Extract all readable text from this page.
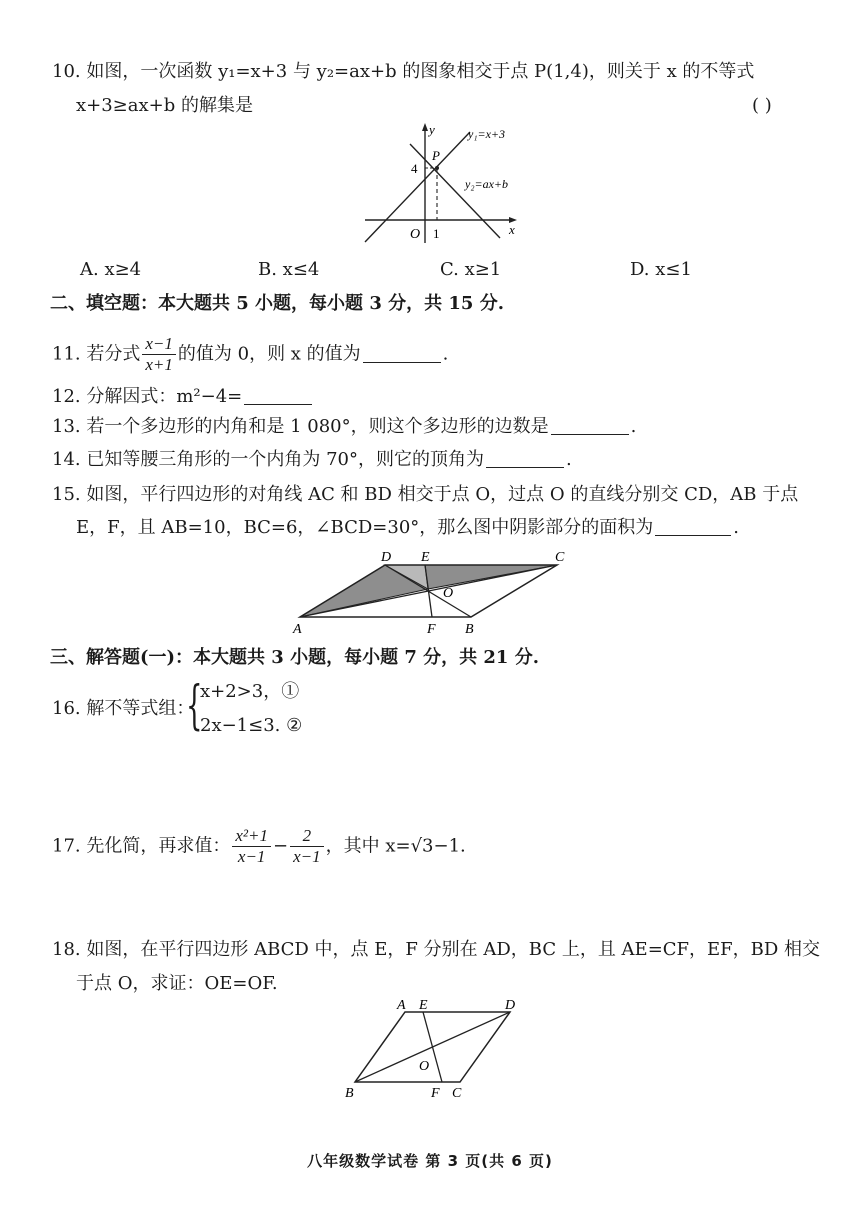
10. 如图，一次函数 y₁=x+3 与 y₂=ax+b 的图象相交于点 P(1,4)，则关于 x 的不等式
x+3≥ax+b 的解集是	( )
y
x
O 1
4
P
y₁=x+3
y₂=ax+b
A. x≥4	B. x≤4	C. x≥1	D. x≤1
二、填空题：本大题共 5 小题，每小题 3 分，共 15 分.
11. 若分式 $\frac{x-1}{x+1}$ 的值为 0，则 x 的值为	.
12. 分解因式：m²−4=
13. 若一个多边形的内角和是 1 080°，则这个多边形的边数是	.
14. 已知等腰三角形的一个内角为 70°，则它的顶角为	.
15. 如图，平行四边形的对角线 AC 和 BD 相交于点 O，过点 O 的直线分别交 CD，AB 于点
E，F，且 AB=10，BC=6，∠BCD=30°，那么图中阴影部分的面积为	.
A	B
C
D E
F
O
三、解答题(一)：本大题共 3 小题，每小题 7 分，共 21 分.
16. 解不等式组：
{
x+2>3，①
2x−1≤3. ②
17. 先化简，再求值： $\frac{\text{x²+1}}{x-1} - \frac{2}{x-1}$ ，其中 x=√3−1.
18. 如图，在平行四边形 ABCD 中，点 E，F 分别在 AD，BC 上，且 AE=CF，EF，BD 相交
于点 O，求证：OE=OF.
A E	D
B	F C
O
八年级数学试卷 第 3 页(共 6 页)
